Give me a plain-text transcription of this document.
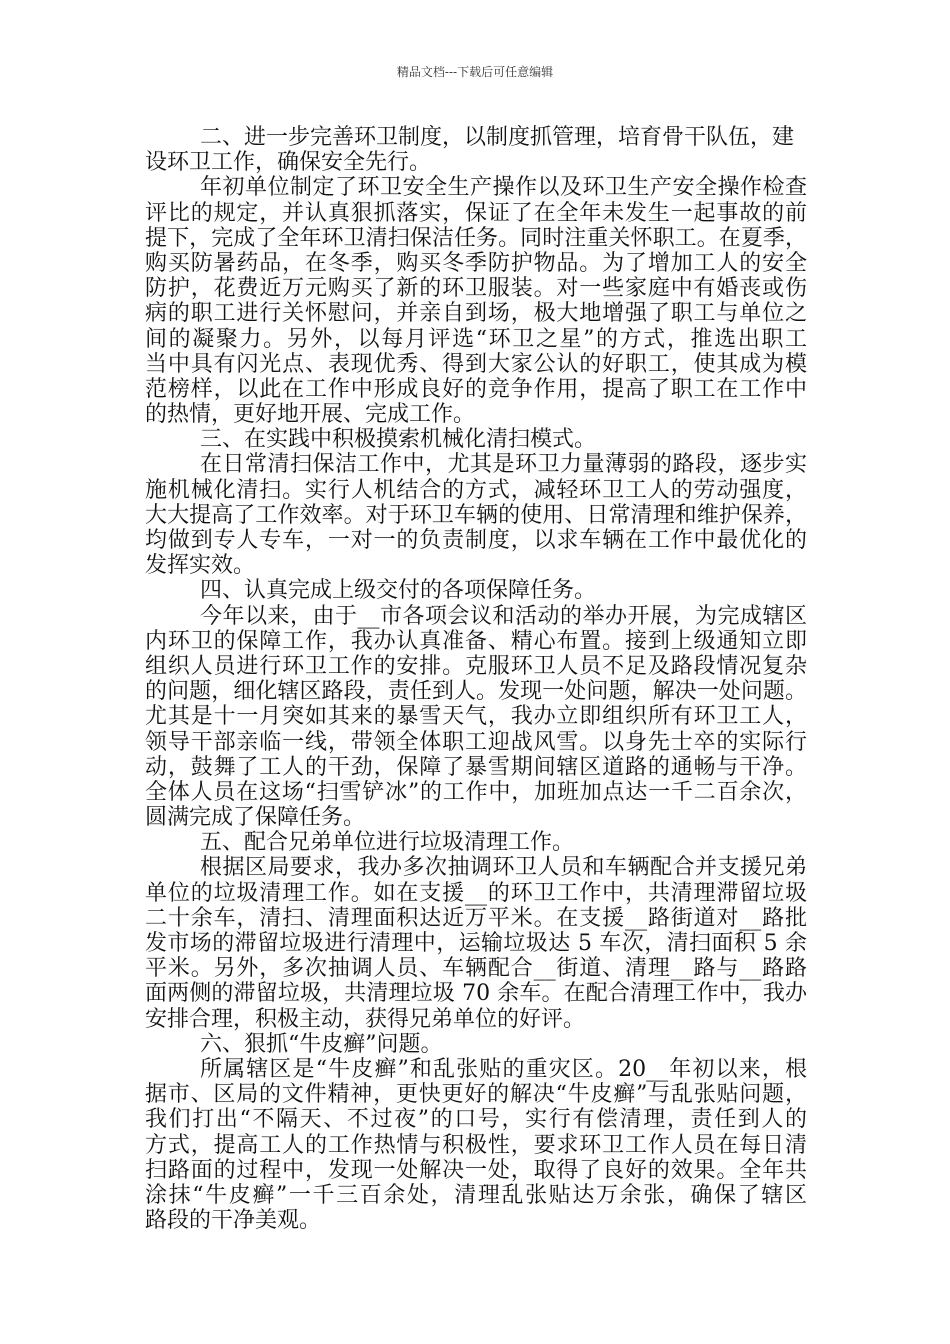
精品文档---下载后可任意编辑
二、进一步完善环卫制度，以制度抓管理，培育骨干队伍，建
设环卫工作，确保安全先行。
年初单位制定了环卫安全生产操作以及环卫生产安全操作检查
评比的规定，并认真狠抓落实，保证了在全年未发生一起事故的前
提下，完成了全年环卫清扫保洁任务。同时注重关怀职工。在夏季，
购买防暑药品，在冬季，购买冬季防护物品。为了增加工人的安全
防护，花费近万元购买了新的环卫服装。对一些家庭中有婚丧或伤
病的职工进行关怀慰问，并亲自到场，极大地增强了职工与单位之
间的凝聚力。另外，以每月评选“环卫之星”的方式，推选出职工
当中具有闪光点、表现优秀、得到大家公认的好职工，使其成为模
范榜样，以此在工作中形成良好的竞争作用，提高了职工在工作中
的热情，更好地开展、完成工作。
三、在实践中积极摸索机械化清扫模式。
在日常清扫保洁工作中，尤其是环卫力量薄弱的路段，逐步实
施机械化清扫。实行人机结合的方式，减轻环卫工人的劳动强度，
大大提高了工作效率。对于环卫车辆的使用、日常清理和维护保养，
均做到专人专车，一对一的负责制度，以求车辆在工作中最优化的
发挥实效。
四、认真完成上级交付的各项保障任务。
今年以来，由于__市各项会议和活动的举办开展，为完成辖区
内环卫的保障工作，我办认真准备、精心布置。接到上级通知立即
组织人员进行环卫工作的安排。克服环卫人员不足及路段情况复杂
的问题，细化辖区路段，责任到人。发现一处问题，解决一处问题。
尤其是十一月突如其来的暴雪天气，我办立即组织所有环卫工人，
领导干部亲临一线，带领全体职工迎战风雪。以身先士卒的实际行
动，鼓舞了工人的干劲，保障了暴雪期间辖区道路的通畅与干净。
全体人员在这场“扫雪铲冰”的工作中，加班加点达一千二百余次，
圆满完成了保障任务。
五、配合兄弟单位进行垃圾清理工作。
根据区局要求，我办多次抽调环卫人员和车辆配合并支援兄弟
单位的垃圾清理工作。如在支援__的环卫工作中，共清理滞留垃圾
二十余车，清扫、清理面积达近万平米。在支援__路街道对__路批
发市场的滞留垃圾进行清理中，运输垃圾达 5 车次，清扫面积 5 余
平米。另外，多次抽调人员、车辆配合__街道、清理__路与__路路
面两侧的滞留垃圾，共清理垃圾 70 余车。在配合清理工作中，我办
安排合理，积极主动，获得兄弟单位的好评。
六、狠抓“牛皮癣”问题。
所属辖区是“牛皮癣”和乱张贴的重灾区。20__年初以来，根
据市、区局的文件精神，更快更好的解决“牛皮癣”与乱张贴问题，
我们打出“不隔天、不过夜”的口号，实行有偿清理，责任到人的
方式，提高工人的工作热情与积极性，要求环卫工作人员在每日清
扫路面的过程中，发现一处解决一处，取得了良好的效果。全年共
涂抹“牛皮癣”一千三百余处，清理乱张贴达万余张，确保了辖区
路段的干净美观。
